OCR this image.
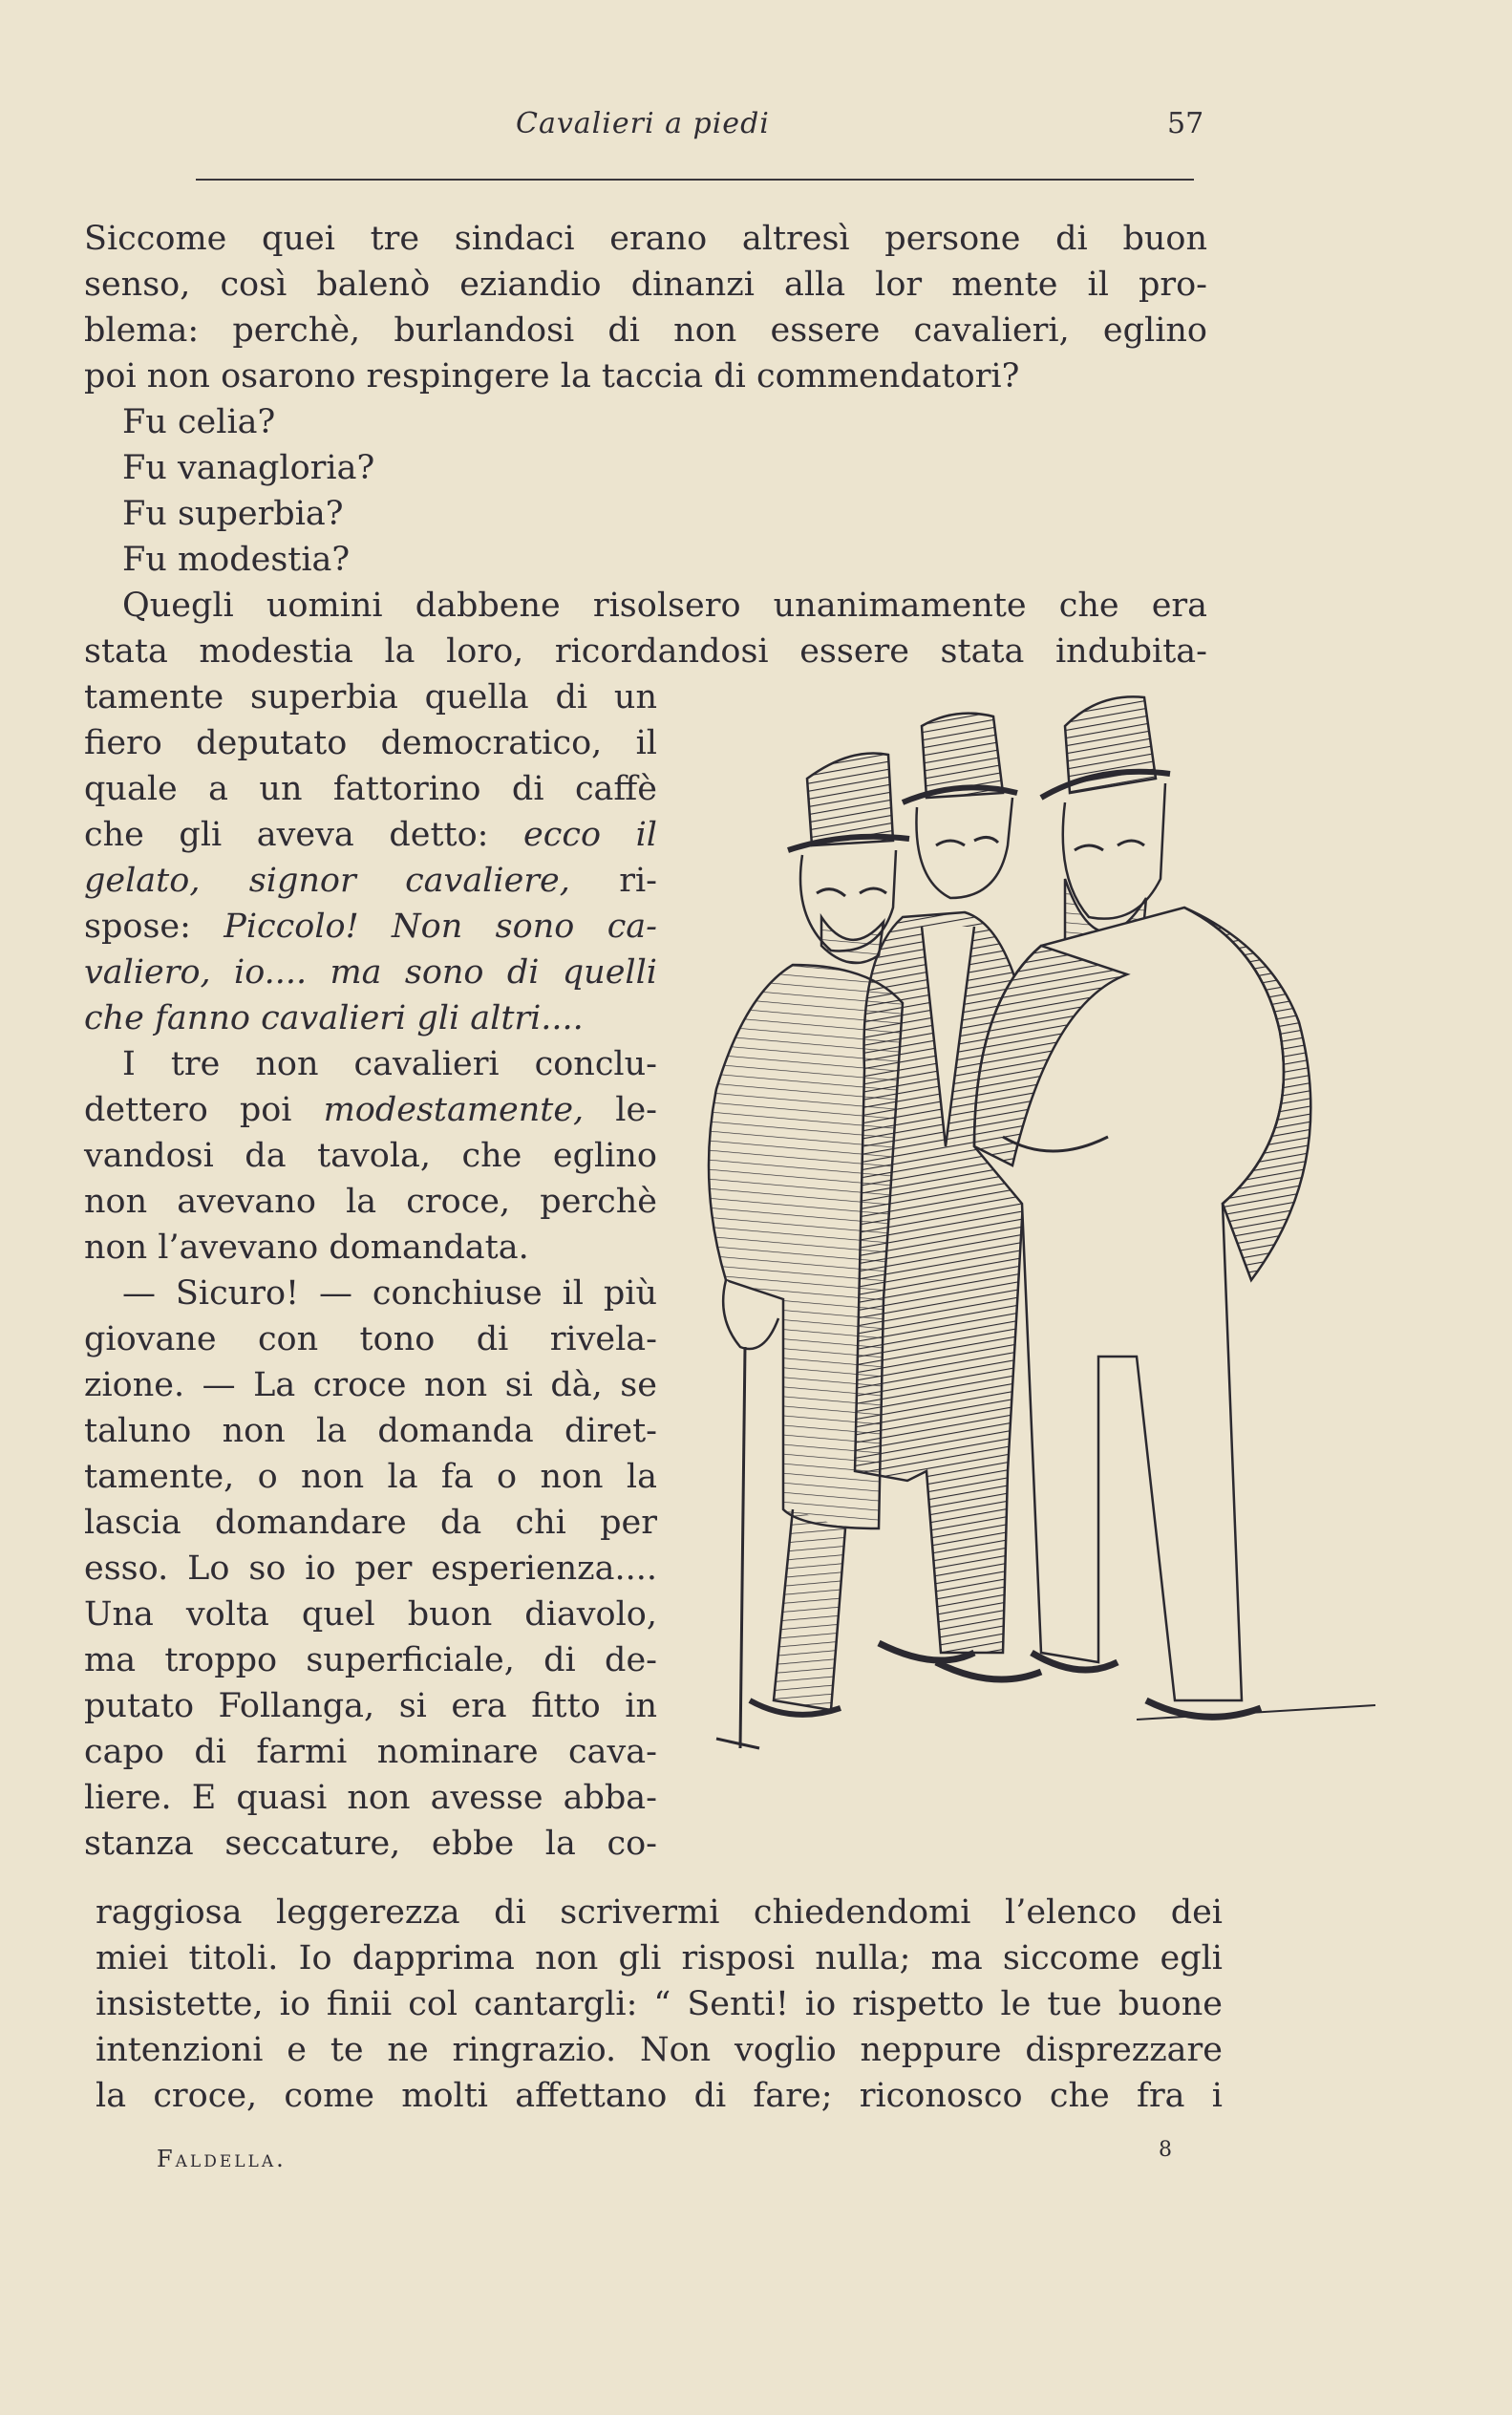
Cavalieri a piedi	57
Siccome quei tre sindaci erano altresì persone di buon
senso, così balenò eziandio dinanzi alla lor mente il pro-
blema: perchè, burlandosi di non essere cavalieri, eglino
poi non osarono respingere la taccia di commendatori?
Fu celia?
Fu vanagloria?
Fu superbia?
Fu modestia?
Quegli uomini dabbene risolsero unanimamente che era
stata modestia la loro, ricordandosi essere stata indubita-
tamente superbia quella di un
fiero deputato democratico, il
quale a un fattorino di caffè
che gli aveva detto: ecco il
gelato, signor cavaliere, ri-
spose: Piccolo! Non sono ca-
valiero, io.... ma sono di quelli
che fanno cavalieri gli altri....
I tre non cavalieri conclu-
dettero poi modestamente, le-
vandosi da tavola, che eglino
non avevano la croce, perchè
non l’avevano domandata.
— Sicuro! — conchiuse il più
giovane con tono di rivela-
zione. — La croce non si dà, se
taluno non la domanda diret-
tamente, o non la fa o non la
lascia domandare da chi per
esso. Lo so io per esperienza....
Una volta quel buon diavolo,
ma troppo superficiale, di de-
putato Follanga, si era fitto in
capo di farmi nominare cava-
liere. E quasi non avesse abba-
stanza seccature, ebbe la co-
raggiosa leggerezza di scrivermi chiedendomi l’elenco dei
miei titoli. Io dapprima non gli risposi nulla; ma siccome egli
insistette, io finii col cantargli: “ Senti! io rispetto le tue buone
intenzioni e te ne ringrazio. Non voglio neppure disprezzare
la croce, come molti affettano di fare; riconosco che fra i
Faldella.	8
